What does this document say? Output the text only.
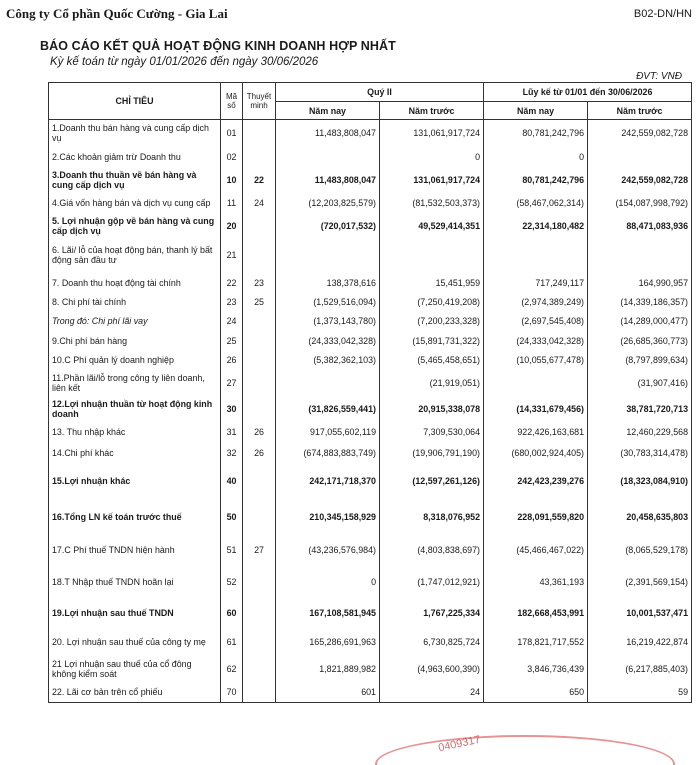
Công ty Cổ phần Quốc Cường - Gia Lai	B02-DN/HN
BÁO CÁO KẾT QUẢ HOẠT ĐỘNG KINH DOANH HỢP NHẤT
Kỳ kế toán từ ngày 01/01/2026 đến ngày 30/06/2026
ĐVT: VNĐ
CHỈ TIÊU	Mã số	Thuyết minh	Quý II		Lũy kế từ 01/01 đến 30/06/2026	
			Năm nay	Năm trước	Năm nay	Năm trước
1.Doanh thu bán hàng và cung cấp dịch vụ	01		11,483,808,047	131,061,917,724	80,781,242,796	242,559,082,728
2.Các khoản giảm trừ Doanh thu	02			0	0	
3.Doanh thu thuần về bán hàng và cung cấp dịch vụ	10	22	11,483,808,047	131,061,917,724	80,781,242,796	242,559,082,728
4.Giá vốn hàng bán và dịch vụ cung cấp	11	24	(12,203,825,579)	(81,532,503,373)	(58,467,062,314)	(154,087,998,792)
5. Lợi nhuận gộp về bán hàng và cung cấp dịch vụ	20		(720,017,532)	49,529,414,351	22,314,180,482	88,471,083,936
6. Lãi/ lỗ của hoạt động bán, thanh lý bất động sản đầu tư	21					
7. Doanh thu hoạt động tài chính	22	23	138,378,616	15,451,959	717,249,117	164,990,957
8. Chi phí tài chính	23	25	(1,529,516,094)	(7,250,419,208)	(2,974,389,249)	(14,339,186,357)
Trong đó: Chi phí lãi vay	24		(1,373,143,780)	(7,200,233,328)	(2,697,545,408)	(14,289,000,477)
9.Chi phí bán hàng	25		(24,333,042,328)	(15,891,731,322)	(24,333,042,328)	(26,685,360,773)
10.C Phí quản lý doanh nghiệp	26		(5,382,362,103)	(5,465,458,651)	(10,055,677,478)	(8,797,899,634)
11.Phần lãi/lỗ trong công ty liên doanh, liên kết	27			(21,919,051)		(31,907,416)
12.Lợi nhuận thuần từ hoạt động kinh doanh	30		(31,826,559,441)	20,915,338,078	(14,331,679,456)	38,781,720,713
13. Thu nhập khác	31	26	917,055,602,119	7,309,530,064	922,426,163,681	12,460,229,568
14.Chi phí khác	32	26	(674,883,883,749)	(19,906,791,190)	(680,002,924,405)	(30,783,314,478)
15.Lợi nhuận khác	40		242,171,718,370	(12,597,261,126)	242,423,239,276	(18,323,084,910)
16.Tổng LN kế toán trước thuế	50		210,345,158,929	8,318,076,952	228,091,559,820	20,458,635,803
17.C Phí thuế TNDN hiện hành	51	27	(43,236,576,984)	(4,803,838,697)	(45,466,467,022)	(8,065,529,178)
18.T Nhập thuế TNDN hoãn lại	52		0	(1,747,012,921)	43,361,193	(2,391,569,154)
19.Lợi nhuận sau thuế TNDN	60		167,108,581,945	1,767,225,334	182,668,453,991	10,001,537,471
20. Lợi nhuận sau thuế của công ty mẹ	61		165,286,691,963	6,730,825,724	178,821,717,552	16,219,422,874
21 Lợi nhuận sau thuế của cổ đông không kiểm soát	62		1,821,889,982	(4,963,600,390)	3,846,736,439	(6,217,885,403)
22. Lãi cơ bản trên cổ phiếu	70		601	24	650	59
0409317
